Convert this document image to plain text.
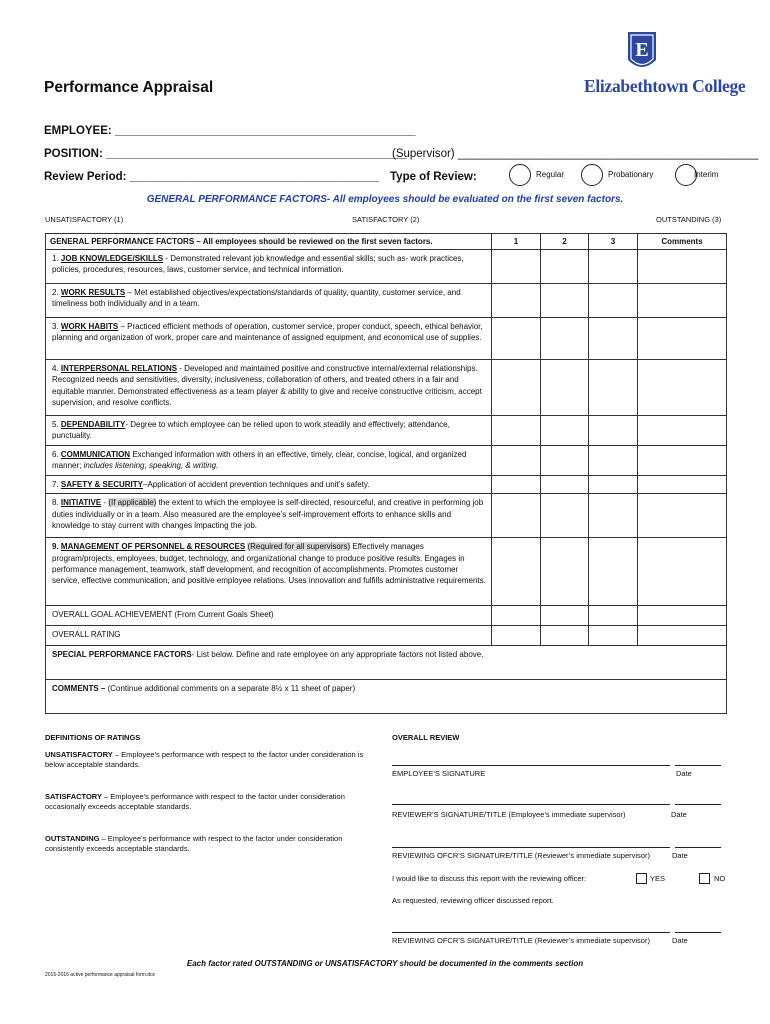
Performance Appraisal
E
Elizabethtown College
EMPLOYEE: _______________________________________________
POSITION: _______________________________________________
(Supervisor) _______________________________________________
Review Period: _______________________________________ Type of Review:	Regular	Probationary	Interim
GENERAL PERFORMANCE FACTORS- All employees should be evaluated on the first seven factors.
UNSATISFACTORY (1)	SATISFACTORY (2)	OUTSTANDING (3)
GENERAL PERFORMANCE FACTORS – All employees should be reviewed on the first seven factors.	1	2	3	Comments
1. JOB KNOWLEDGE/SKILLS - Demonstrated relevant job knowledge and essential skills; such as- work practices, policies, procedures, resources, laws, customer service, and technical information.				
2. WORK RESULTS – Met established objectives/expectations/standards of quality, quantity, customer service, and timeliness both individually and in a team.				
3. WORK HABITS – Practiced efficient methods of operation, customer service, proper conduct, speech, ethical behavior, planning and organization of work, proper care and maintenance of assigned equipment, and economical use of supplies.				
4. INTERPERSONAL RELATIONS - Developed and maintained positive and constructive internal/external relationships. Recognized needs and sensitivities, diversity, inclusiveness, collaboration of others, and treated others in a fair and equitable manner. Demonstrated effectiveness as a team player & ability to give and receive constructive criticism, accept supervision, and resolve conflicts.				
5. DEPENDABILITY- Degree to which employee can be relied upon to work steadily and effectively; attendance, punctuality.				
6. COMMUNICATION Exchanged information with others in an effective, timely, clear, concise, logical, and organized manner; includes listening, speaking, & writing.				
7. SAFETY & SECURITY–Application of accident prevention techniques and unit’s safety.				
8. INITIATIVE - (If applicable) the extent to which the employee is self-directed, resourceful, and creative in performing job duties individually or in a team. Also measured are the employee’s self-improvement efforts to enhance skills and knowledge to stay current with changes impacting the job.				
9. MANAGEMENT OF PERSONNEL & RESOURCES (Required for all supervisors) Effectively manages program/projects, employees, budget, technology, and organizational change to produce positive results. Engages in performance management, teamwork, staff development, and recognition of accomplishments. Promotes customer service, effective communication, and positive employee relations. Uses innovation and fulfills administrative requirements.				
OVERALL GOAL ACHIEVEMENT (From Current Goals Sheet)				
OVERALL RATING				
SPECIAL PERFORMANCE FACTORS- List below. Define and rate employee on any appropriate factors not listed above.				
COMMENTS – (Continue additional comments on a separate 8½ x 11 sheet of paper)				
DEFINITIONS OF RATINGS

UNSATISFACTORY – Employee’s performance with respect to the factor under consideration is below acceptable standards.

SATISFACTORY – Employee’s performance with respect to the factor under consideration occasionally exceeds acceptable standards.

OUTSTANDING – Employee’s performance with respect to the factor under consideration consistently exceeds acceptable standards.

OVERALL REVIEW
EMPLOYEE’S SIGNATURE	Date
REVIEWER’S SIGNATURE/TITLE (Employee’s immediate supervisor)	Date
REVIEWING OFCR’S SIGNATURE/TITLE (Reviewer’s immediate supervisor)	Date
I would like to discuss this report with the reviewing officer:	YES	NO
As requested, reviewing officer discussed report.
REVIEWING OFCR’S SIGNATURE/TITLE (Reviewer’s immediate supervisor)	Date
Each factor rated OUTSTANDING or UNSATISFACTORY should be documented in the comments section
2015-2016 active performance appraisal form.doc
